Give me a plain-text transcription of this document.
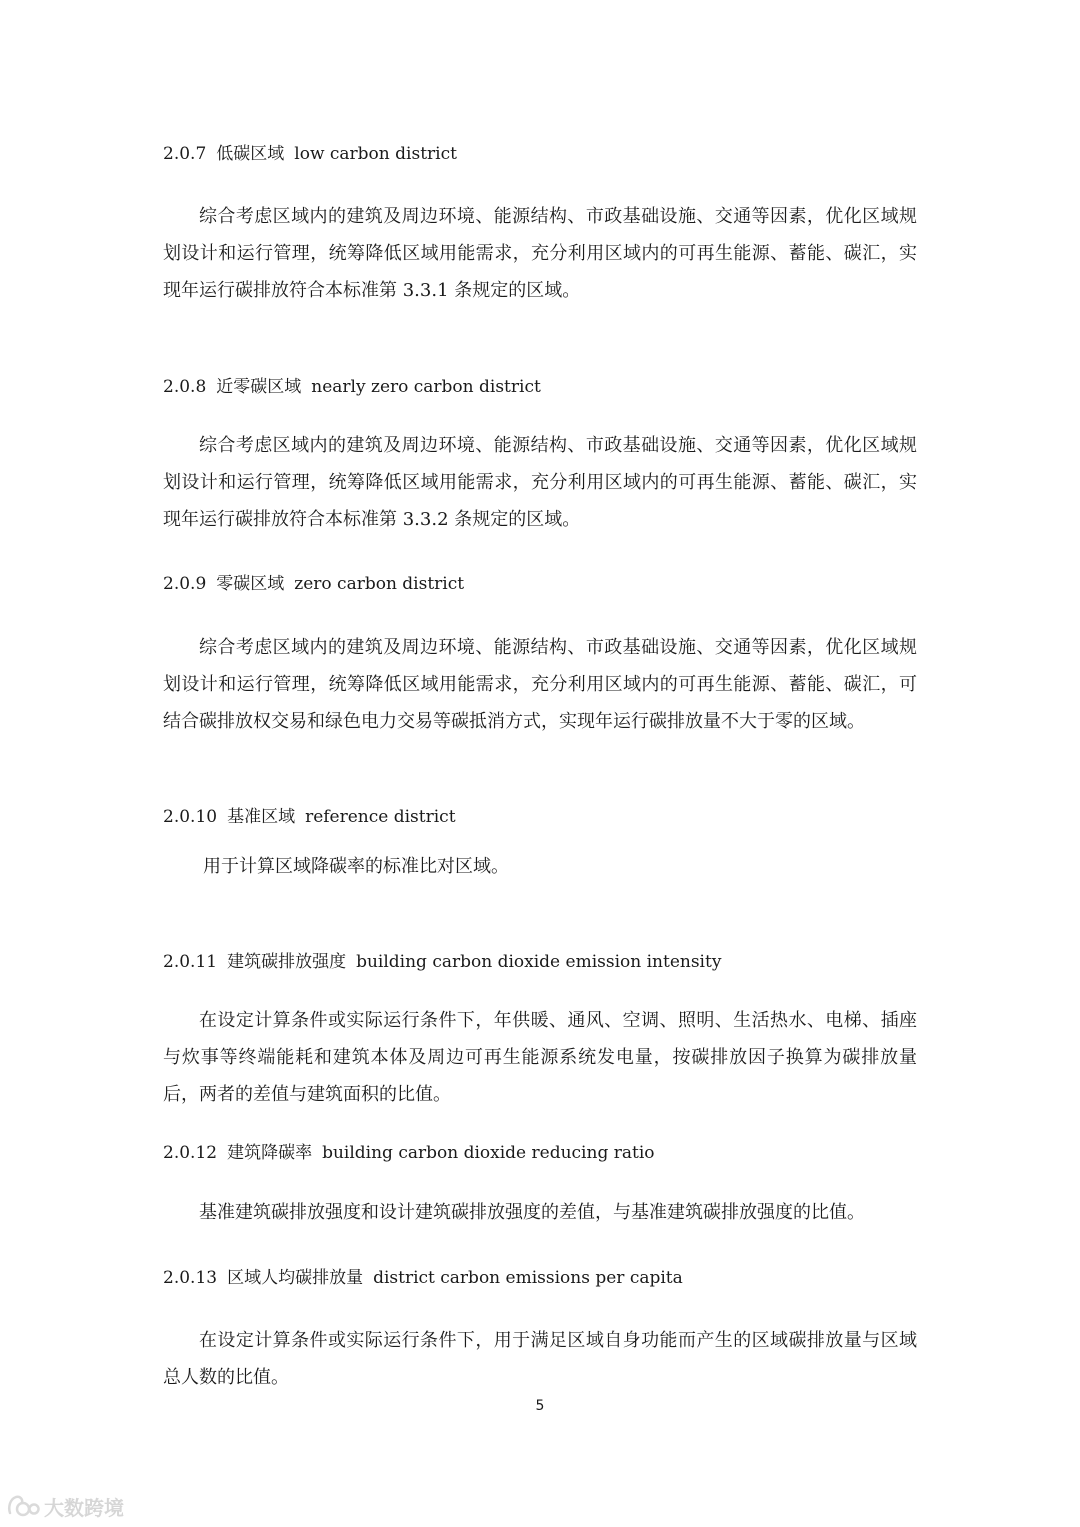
2.0.7 低碳区域 low carbon district

综合考虑区域内的建筑及周边环境、能源结构、市政基础设施、交通等因素，优化区域规划设计和运行管理，统筹降低区域用能需求，充分利用区域内的可再生能源、蓄能、碳汇，实现年运行碳排放符合本标准第 3.3.1 条规定的区域。

2.0.8 近零碳区域 nearly zero carbon district

综合考虑区域内的建筑及周边环境、能源结构、市政基础设施、交通等因素，优化区域规划设计和运行管理，统筹降低区域用能需求，充分利用区域内的可再生能源、蓄能、碳汇，实现年运行碳排放符合本标准第 3.3.2 条规定的区域。

2.0.9 零碳区域 zero carbon district

综合考虑区域内的建筑及周边环境、能源结构、市政基础设施、交通等因素，优化区域规划设计和运行管理，统筹降低区域用能需求，充分利用区域内的可再生能源、蓄能、碳汇，可结合碳排放权交易和绿色电力交易等碳抵消方式，实现年运行碳排放量不大于零的区域。

2.0.10 基准区域 reference district

用于计算区域降碳率的标准比对区域。

2.0.11 建筑碳排放强度 building carbon dioxide emission intensity

在设定计算条件或实际运行条件下，年供暖、通风、空调、照明、生活热水、电梯、插座与炊事等终端能耗和建筑本体及周边可再生能源系统发电量，按碳排放因子换算为碳排放量后，两者的差值与建筑面积的比值。

2.0.12 建筑降碳率 building carbon dioxide reducing ratio

基准建筑碳排放强度和设计建筑碳排放强度的差值，与基准建筑碳排放强度的比值。

2.0.13 区域人均碳排放量 district carbon emissions per capita

在设定计算条件或实际运行条件下，用于满足区域自身功能而产生的区域碳排放量与区域总人数的比值。

5
大数跨境
